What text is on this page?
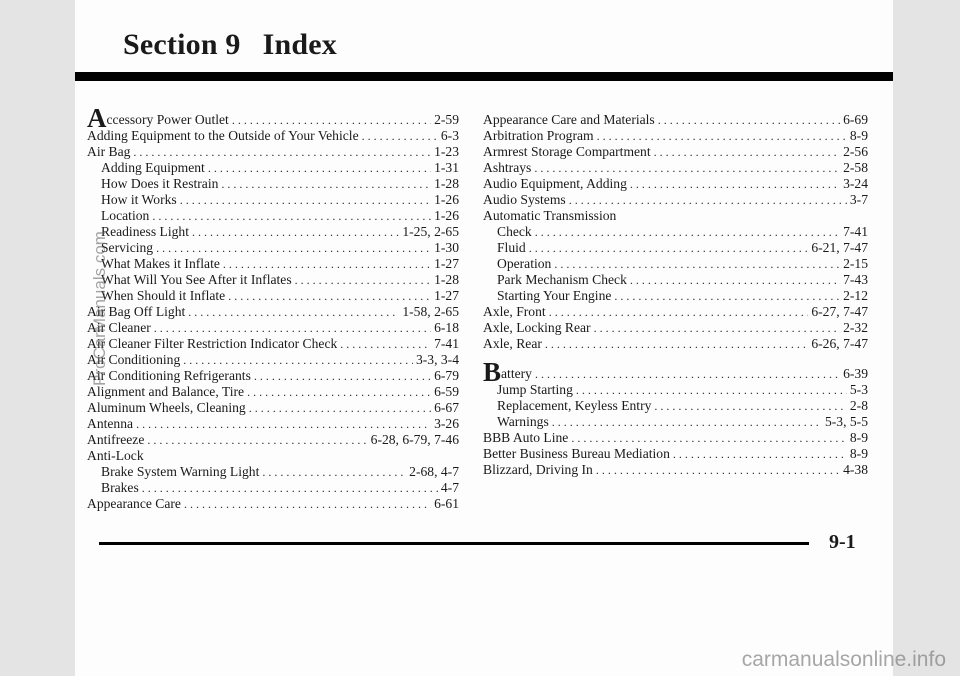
Section 9 Index
Accessory Power Outlet . . .	2-59
Adding Equipment to the Outside of Your Vehicle . . .	6-3
Air Bag . . .	1-23
Adding Equipment . . .	1-31
How Does it Restrain . . .	1-28
How it Works . . .	1-26
Location . . .	1-26
Readiness Light . . .	1-25, 2-65
Servicing . . .	1-30
What Makes it Inflate . . .	1-27
What Will You See After it Inflates . . .	1-28
When Should it Inflate . . .	1-27
Air Bag Off Light . . .	1-58, 2-65
Air Cleaner . . .	6-18
Air Cleaner Filter Restriction Indicator Check . . .	7-41
Air Conditioning . . .	3-3, 3-4
Air Conditioning Refrigerants . . .	6-79
Alignment and Balance, Tire . . .	6-59
Aluminum Wheels, Cleaning . . .	6-67
Antenna . . .	3-26
Antifreeze . . .	6-28, 6-79, 7-46
Anti-Lock
Brake System Warning Light . . .	2-68, 4-7
Brakes . . .	4-7
Appearance Care . . .	6-61
Appearance Care and Materials . . .	6-69
Arbitration Program . . .	8-9
Armrest Storage Compartment . . .	2-56
Ashtrays . . .	2-58
Audio Equipment, Adding . . .	3-24
Audio Systems . . .	3-7
Automatic Transmission
Check . . .	7-41
Fluid . . .	6-21, 7-47
Operation . . .	2-15
Park Mechanism Check . . .	7-43
Starting Your Engine . . .	2-12
Axle, Front . . .	6-27, 7-47
Axle, Locking Rear . . .	2-32
Axle, Rear . . .	6-26, 7-47
Battery . . .	6-39
Jump Starting . . .	5-3
Replacement, Keyless Entry . . .	2-8
Warnings . . .	5-3, 5-5
BBB Auto Line . . .	8-9
Better Business Bureau Mediation . . .	8-9
Blizzard, Driving In . . .	4-38
9-1
ProCarManuals.com
carmanualsonline.info
